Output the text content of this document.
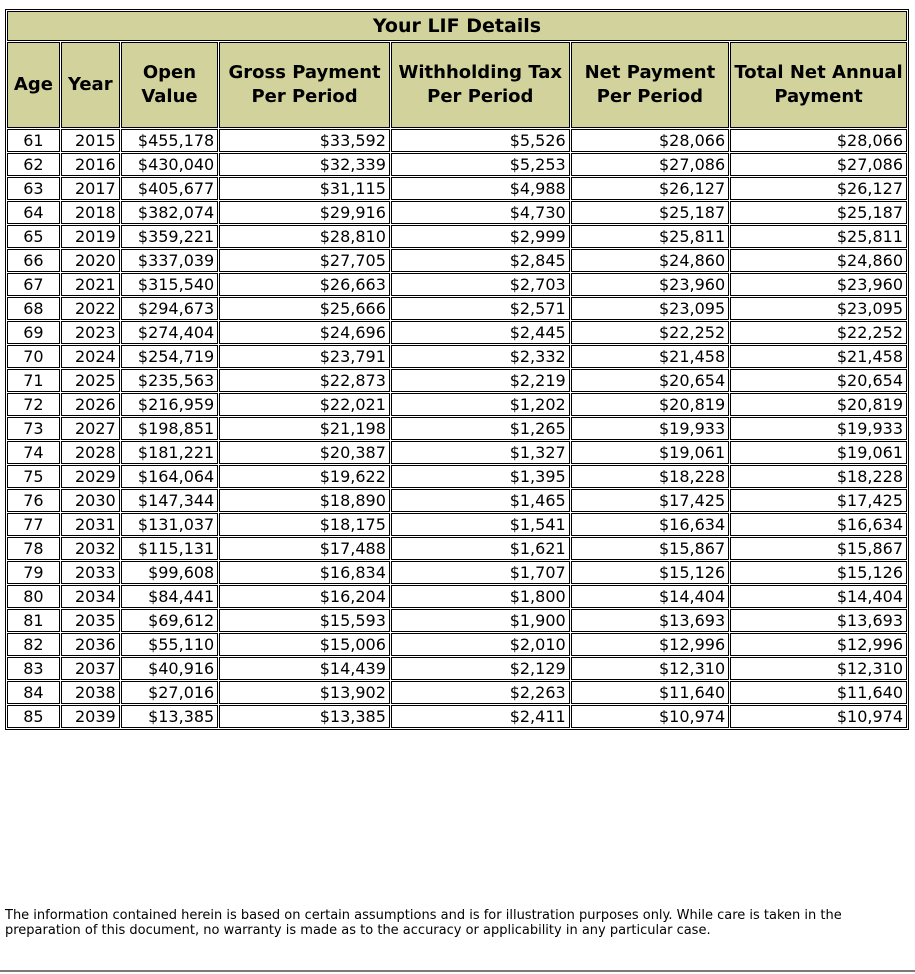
Your LIF Details						
Age	Year	Open Value	Gross Payment Per Period	Withholding Tax Per Period	Net Payment Per Period	Total Net Annual Payment
61	2015	$455,178	$33,592	$5,526	$28,066	$28,066
62	2016	$430,040	$32,339	$5,253	$27,086	$27,086
63	2017	$405,677	$31,115	$4,988	$26,127	$26,127
64	2018	$382,074	$29,916	$4,730	$25,187	$25,187
65	2019	$359,221	$28,810	$2,999	$25,811	$25,811
66	2020	$337,039	$27,705	$2,845	$24,860	$24,860
67	2021	$315,540	$26,663	$2,703	$23,960	$23,960
68	2022	$294,673	$25,666	$2,571	$23,095	$23,095
69	2023	$274,404	$24,696	$2,445	$22,252	$22,252
70	2024	$254,719	$23,791	$2,332	$21,458	$21,458
71	2025	$235,563	$22,873	$2,219	$20,654	$20,654
72	2026	$216,959	$22,021	$1,202	$20,819	$20,819
73	2027	$198,851	$21,198	$1,265	$19,933	$19,933
74	2028	$181,221	$20,387	$1,327	$19,061	$19,061
75	2029	$164,064	$19,622	$1,395	$18,228	$18,228
76	2030	$147,344	$18,890	$1,465	$17,425	$17,425
77	2031	$131,037	$18,175	$1,541	$16,634	$16,634
78	2032	$115,131	$17,488	$1,621	$15,867	$15,867
79	2033	$99,608	$16,834	$1,707	$15,126	$15,126
80	2034	$84,441	$16,204	$1,800	$14,404	$14,404
81	2035	$69,612	$15,593	$1,900	$13,693	$13,693
82	2036	$55,110	$15,006	$2,010	$12,996	$12,996
83	2037	$40,916	$14,439	$2,129	$12,310	$12,310
84	2038	$27,016	$13,902	$2,263	$11,640	$11,640
85	2039	$13,385	$13,385	$2,411	$10,974	$10,974

The information contained herein is based on certain assumptions and is for illustration purposes only. While care is taken in the preparation of this document, no warranty is made as to the accuracy or applicability in any particular case.
